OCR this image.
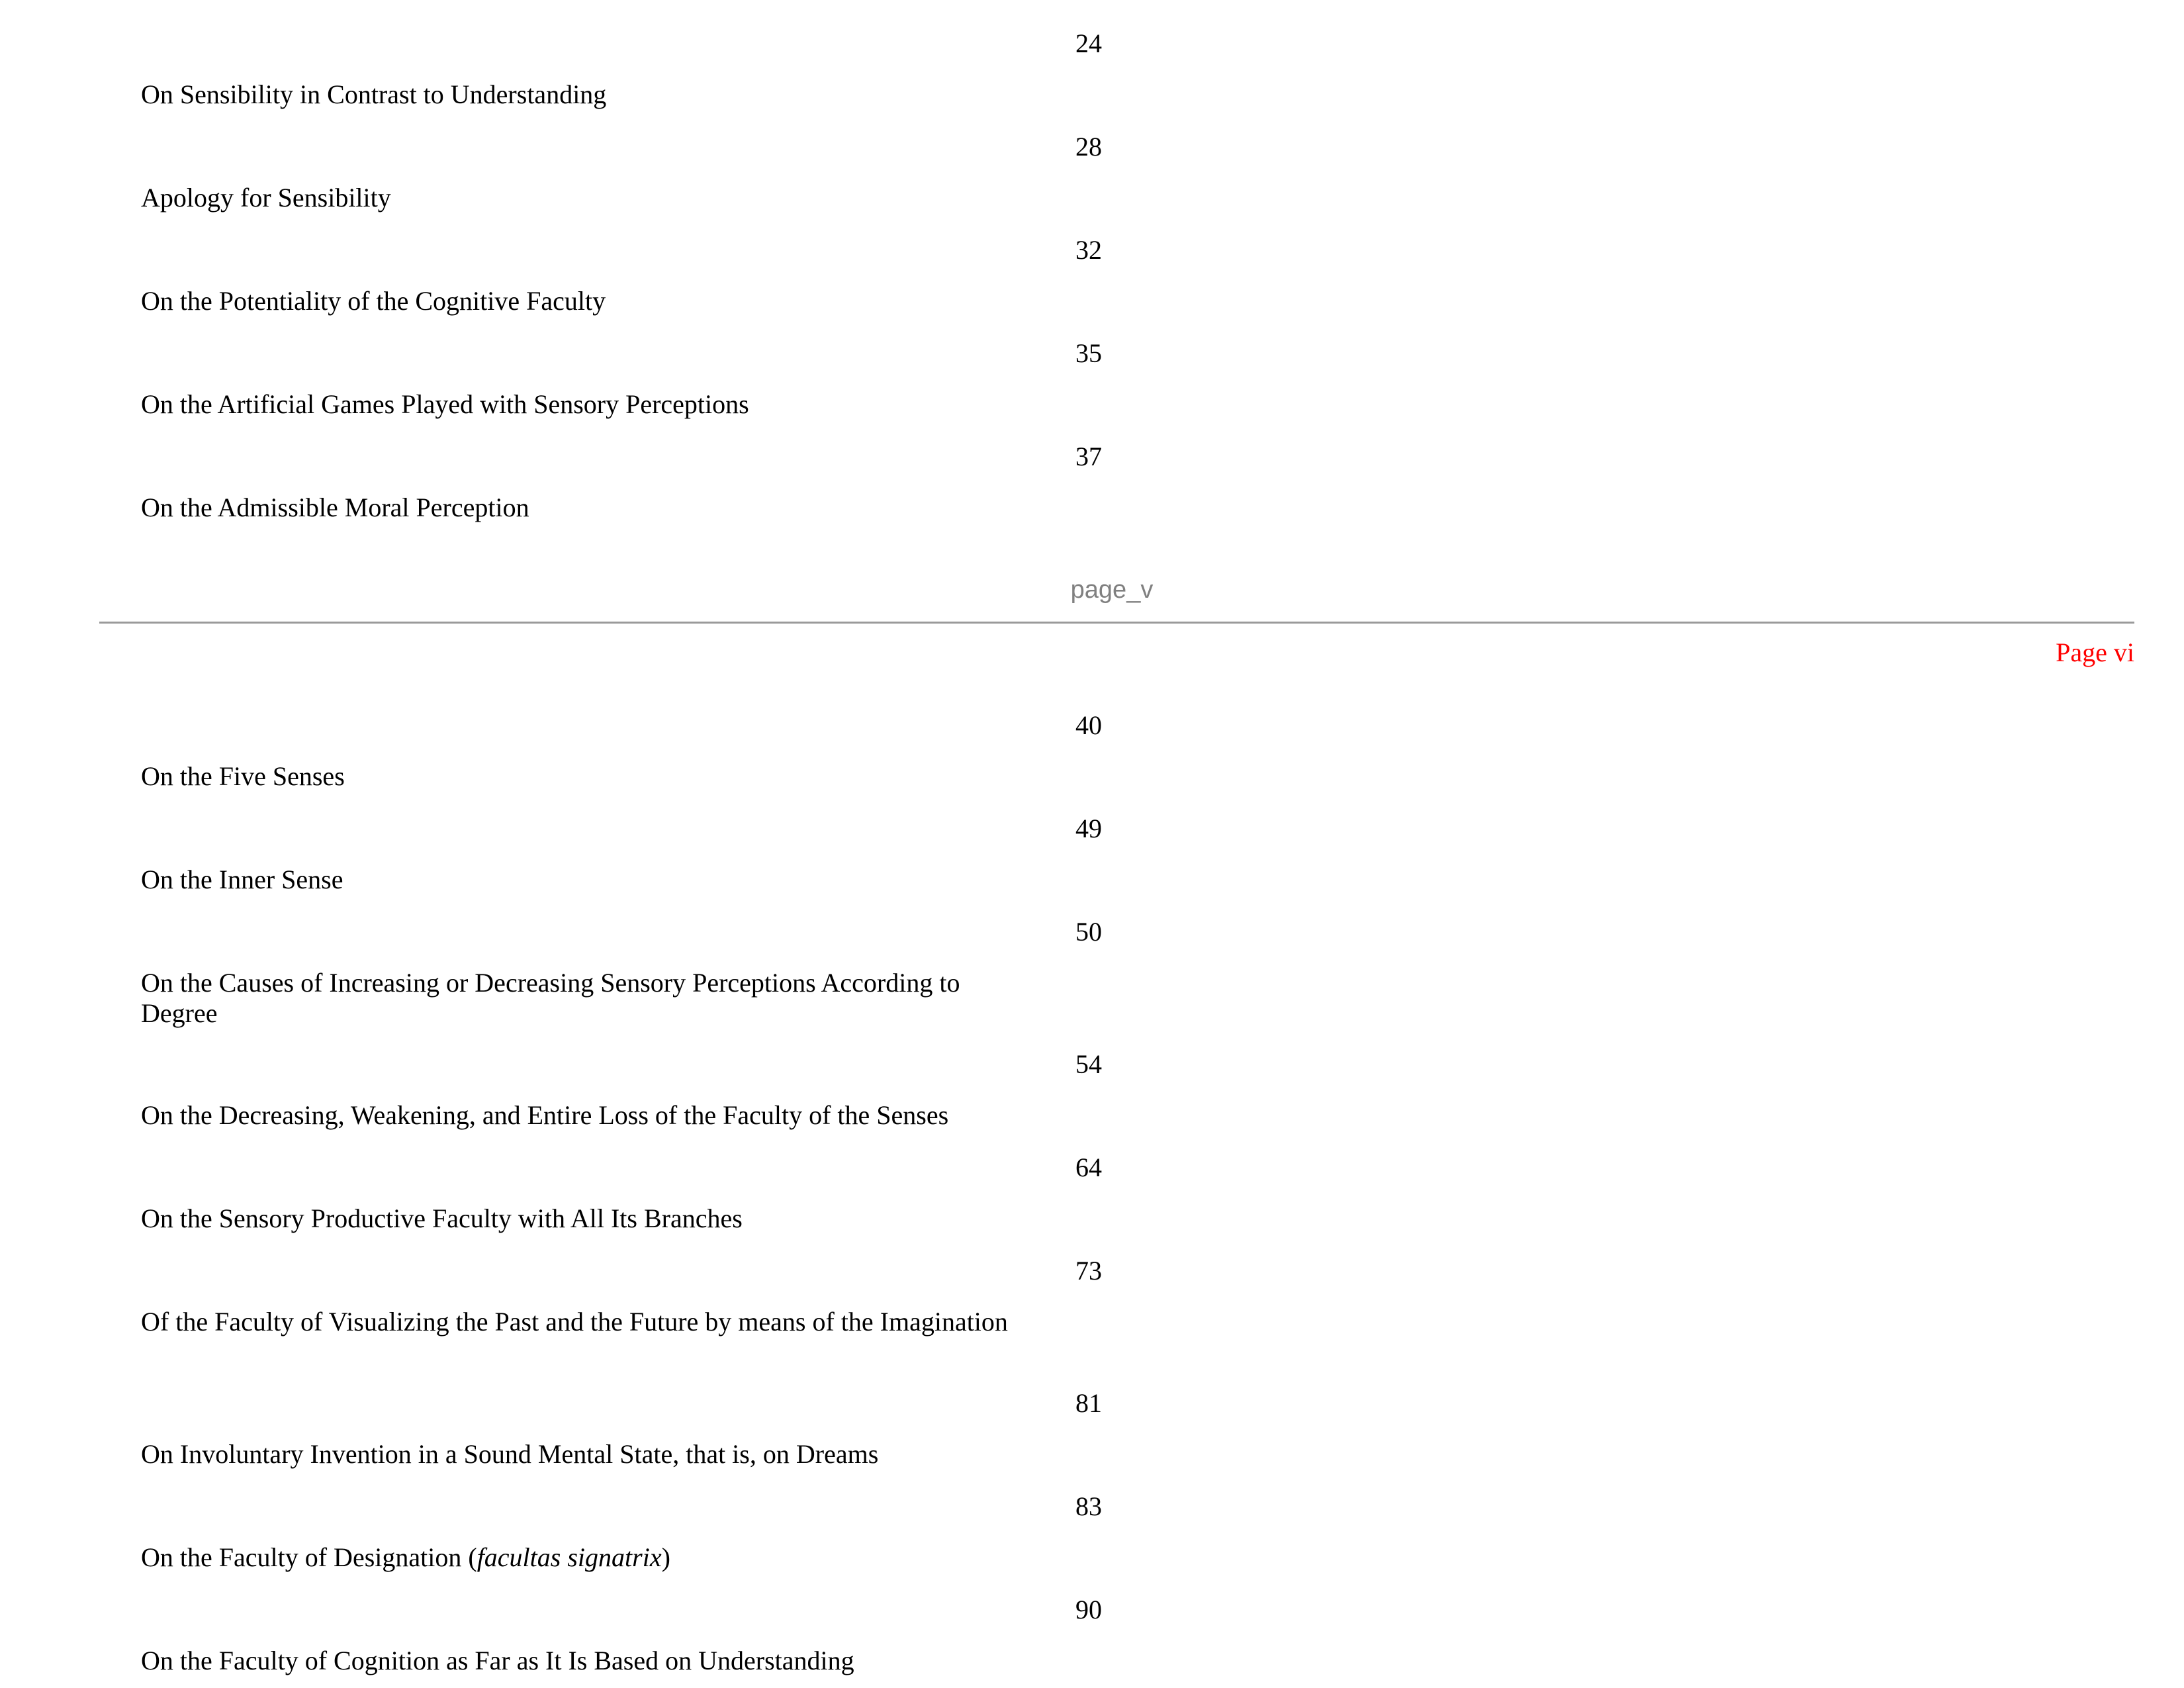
24
On Sensibility in Contrast to Understanding
28
Apology for Sensibility
32
On the Potentiality of the Cognitive Faculty
35
On the Artificial Games Played with Sensory Perceptions
37
On the Admissible Moral Perception
page_v
Page vi
40
On the Five Senses
49
On the Inner Sense
50
On the Causes of Increasing or Decreasing Sensory Perceptions According to Degree
54
On the Decreasing, Weakening, and Entire Loss of the Faculty of the Senses
64
On the Sensory Productive Faculty with All Its Branches
73
Of the Faculty of Visualizing the Past and the Future by means of the Imagination
81
On Involuntary Invention in a Sound Mental State, that is, on Dreams
83
On the Faculty of Designation (facultas signatrix)
90
On the Faculty of Cognition as Far as It Is Based on Understanding
